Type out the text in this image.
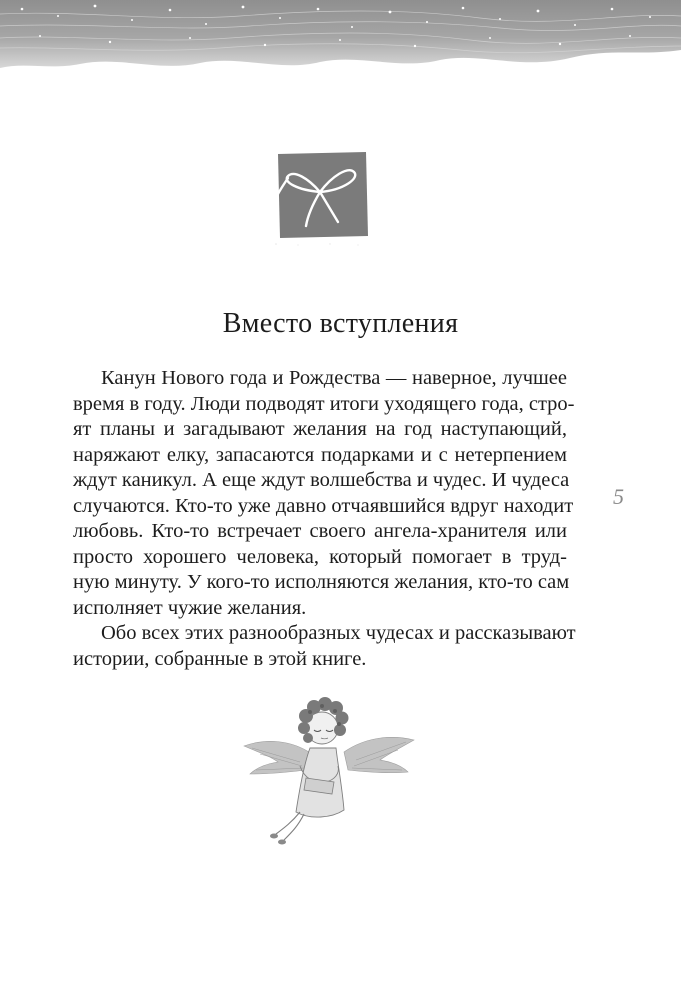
Вместо вступления
Канун Нового года и Рождества — наверное, лучшее
время в году. Люди подводят итоги уходящего года, стро-
ят планы и загадывают желания на год наступающий,
наряжают елку, запасаются подарками и с нетерпением
ждут каникул. А еще ждут волшебства и чудес. И чудеса
случаются. Кто-то уже давно отчаявшийся вдруг находит
любовь. Кто-то встречает своего ангела-хранителя или
просто хорошего человека, который помогает в труд-
ную минуту. У кого-то исполняются желания, кто-то сам
исполняет чужие желания.
Обо всех этих разнообразных чудесах и рассказывают
истории, собранные в этой книге.
5
